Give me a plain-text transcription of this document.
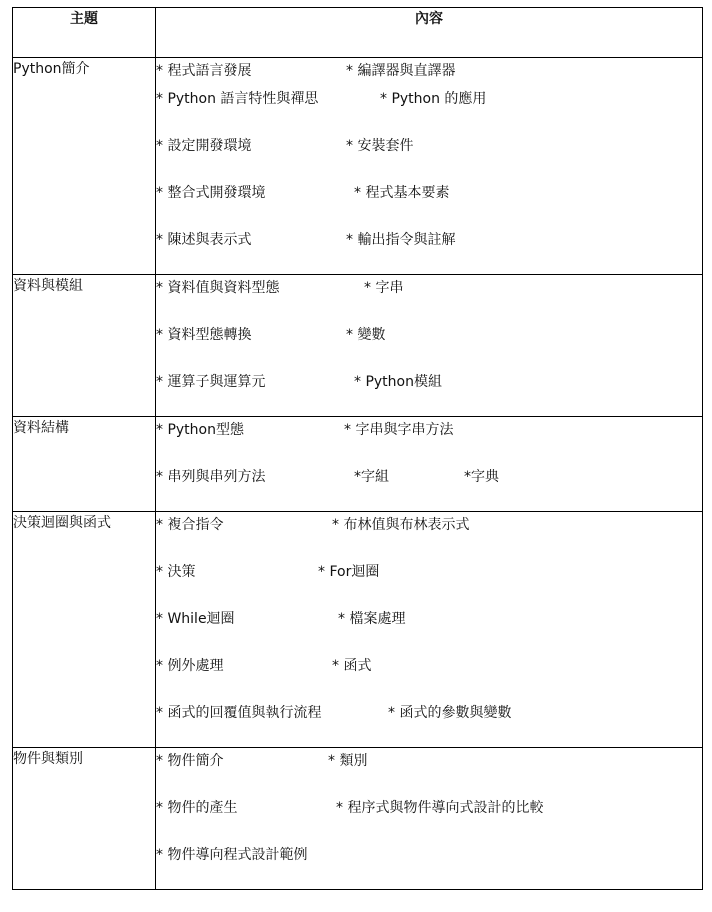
主題	內容
Python簡介	* 程式語言發展 * 編譯器與直譯器
* Python 語言特性與禪思 * Python 的應用
* 設定開發環境 * 安裝套件
* 整合式開發環境 * 程式基本要素
* 陳述與表示式 * 輸出指令與註解

資料與模組	* 資料值與資料型態 * 字串
* 資料型態轉換 * 變數
* 運算子與運算元 * Python模組

資料結構	* Python型態 * 字串與字串方法
* 串列與串列方法 *字組 *字典

決策迴圈與函式	* 複合指令 * 布林值與布林表示式
* 決策 * For迴圈
* While迴圈 * 檔案處理
* 例外處理 * 函式
* 函式的回覆值與執行流程 * 函式的參數與變數

物件與類別	* 物件簡介 * 類別
* 物件的產生 * 程序式與物件導向式設計的比較
* 物件導向程式設計範例
